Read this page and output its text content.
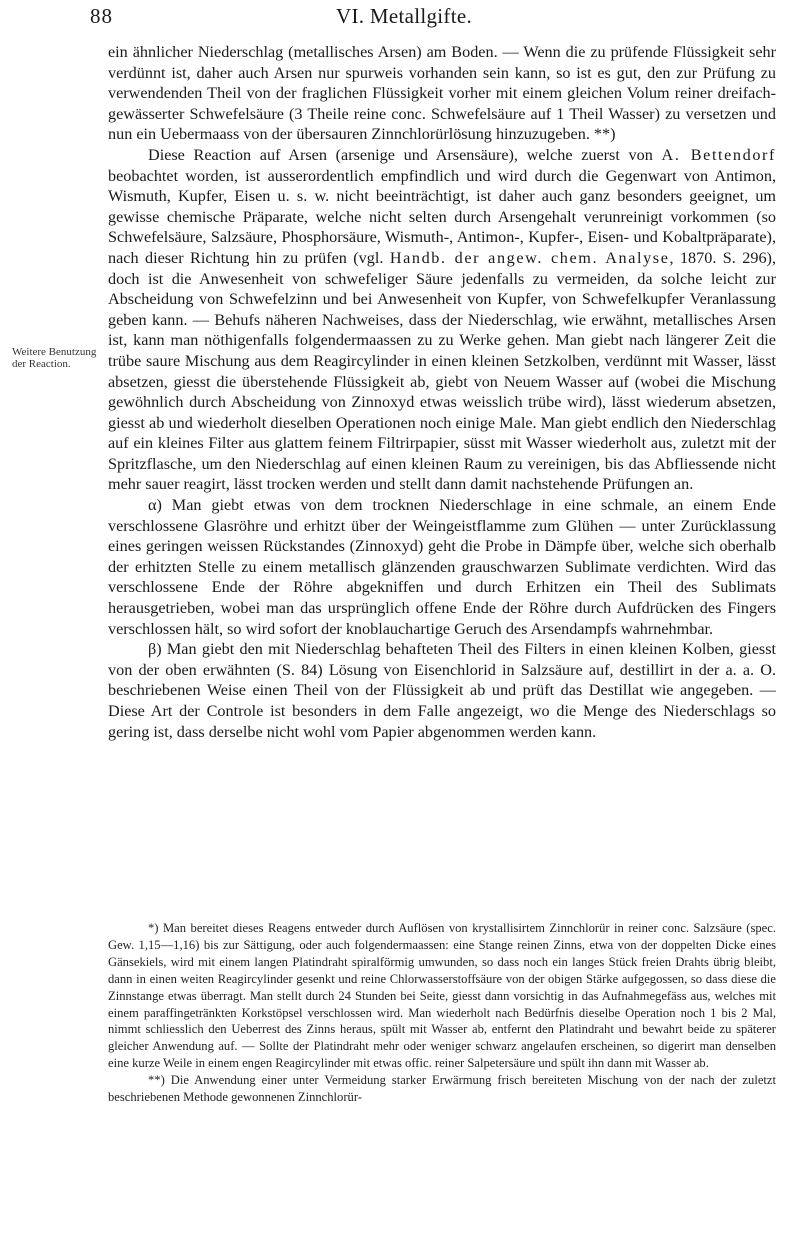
88	VI. Metallgifte.
Weitere Benutzung der Reaction.

ein ähnlicher Niederschlag (metallisches Arsen) am Boden. — Wenn die zu prüfende Flüssigkeit sehr verdünnt ist, daher auch Arsen nur spurweis vorhanden sein kann, so ist es gut, den zur Prüfung zu verwendenden Theil von der fraglichen Flüssigkeit vorher mit einem gleichen Volum reiner dreifach-gewässerter Schwefelsäure (3 Theile reine conc. Schwefelsäure auf 1 Theil Wasser) zu versetzen und nun ein Uebermaass von der übersauren Zinnchlorürlösung hinzuzugeben. **)

Diese Reaction auf Arsen (arsenige und Arsensäure), welche zuerst von A. Bettendorf beobachtet worden, ist ausserordentlich empfindlich und wird durch die Gegenwart von Antimon, Wismuth, Kupfer, Eisen u. s. w. nicht beeinträchtigt, ist daher auch ganz besonders geeignet, um gewisse chemische Präparate, welche nicht selten durch Arsengehalt verunreinigt vorkommen (so Schwefelsäure, Salzsäure, Phosphorsäure, Wismuth-, Antimon-, Kupfer-, Eisen- und Kobaltpräparate), nach dieser Richtung hin zu prüfen (vgl. Handb. der angew. chem. Analyse, 1870. S. 296), doch ist die Anwesenheit von schwefeliger Säure jedenfalls zu vermeiden, da solche leicht zur Abscheidung von Schwefelzinn und bei Anwesenheit von Kupfer, von Schwefelkupfer Veranlassung geben kann. — Behufs näheren Nachweises, dass der Niederschlag, wie erwähnt, metallisches Arsen ist, kann man nöthigenfalls folgendermaassen zu zu Werke gehen. Man giebt nach längerer Zeit die trübe saure Mischung aus dem Reagircylinder in einen kleinen Setzkolben, verdünnt mit Wasser, lässt absetzen, giesst die überstehende Flüssigkeit ab, giebt von Neuem Wasser auf (wobei die Mischung gewöhnlich durch Abscheidung von Zinnoxyd etwas weisslich trübe wird), lässt wiederum absetzen, giesst ab und wiederholt dieselben Operationen noch einige Male. Man giebt endlich den Niederschlag auf ein kleines Filter aus glattem feinem Filtrirpapier, süsst mit Wasser wiederholt aus, zuletzt mit der Spritzflasche, um den Niederschlag auf einen kleinen Raum zu vereinigen, bis das Abfliessende nicht mehr sauer reagirt, lässt trocken werden und stellt dann damit nachstehende Prüfungen an.

α) Man giebt etwas von dem trocknen Niederschlage in eine schmale, an einem Ende verschlossene Glasröhre und erhitzt über der Weingeistflamme zum Glühen — unter Zurücklassung eines geringen weissen Rückstandes (Zinnoxyd) geht die Probe in Dämpfe über, welche sich oberhalb der erhitzten Stelle zu einem metallisch glänzenden grauschwarzen Sublimate verdichten. Wird das verschlossene Ende der Röhre abgekniffen und durch Erhitzen ein Theil des Sublimats herausgetrieben, wobei man das ursprünglich offene Ende der Röhre durch Aufdrücken des Fingers verschlossen hält, so wird sofort der knoblauchartige Geruch des Arsendampfs wahrnehmbar.

β) Man giebt den mit Niederschlag behafteten Theil des Filters in einen kleinen Kolben, giesst von der oben erwähnten (S. 84) Lösung von Eisenchlorid in Salzsäure auf, destillirt in der a. a. O. beschriebenen Weise einen Theil von der Flüssigkeit ab und prüft das Destillat wie angegeben. — Diese Art der Controle ist besonders in dem Falle angezeigt, wo die Menge des Niederschlags so gering ist, dass derselbe nicht wohl vom Papier abgenommen werden kann.

*) Man bereitet dieses Reagens entweder durch Auflösen von krystallisirtem Zinnchlorür in reiner conc. Salzsäure (spec. Gew. 1,15—1,16) bis zur Sättigung, oder auch folgendermaassen: eine Stange reinen Zinns, etwa von der doppelten Dicke eines Gänsekiels, wird mit einem langen Platindraht spiralförmig umwunden, so dass noch ein langes Stück freien Drahts übrig bleibt, dann in einen weiten Reagircylinder gesenkt und reine Chlorwasserstoffsäure von der obigen Stärke aufgegossen, so dass diese die Zinnstange etwas überragt. Man stellt durch 24 Stunden bei Seite, giesst dann vorsichtig in das Aufnahmegefäss aus, welches mit einem paraffingetränkten Korkstöpsel verschlossen wird. Man wiederholt nach Bedürfnis dieselbe Operation noch 1 bis 2 Mal, nimmt schliesslich den Ueberrest des Zinns heraus, spült mit Wasser ab, entfernt den Platindraht und bewahrt beide zu späterer gleicher Anwendung auf. — Sollte der Platindraht mehr oder weniger schwarz angelaufen erscheinen, so digerirt man denselben eine kurze Weile in einem engen Reagircylinder mit etwas offic. reiner Salpetersäure und spült ihn dann mit Wasser ab.

**) Die Anwendung einer unter Vermeidung starker Erwärmung frisch bereiteten Mischung von der nach der zuletzt beschriebenen Methode gewonnenen Zinnchlorür-
